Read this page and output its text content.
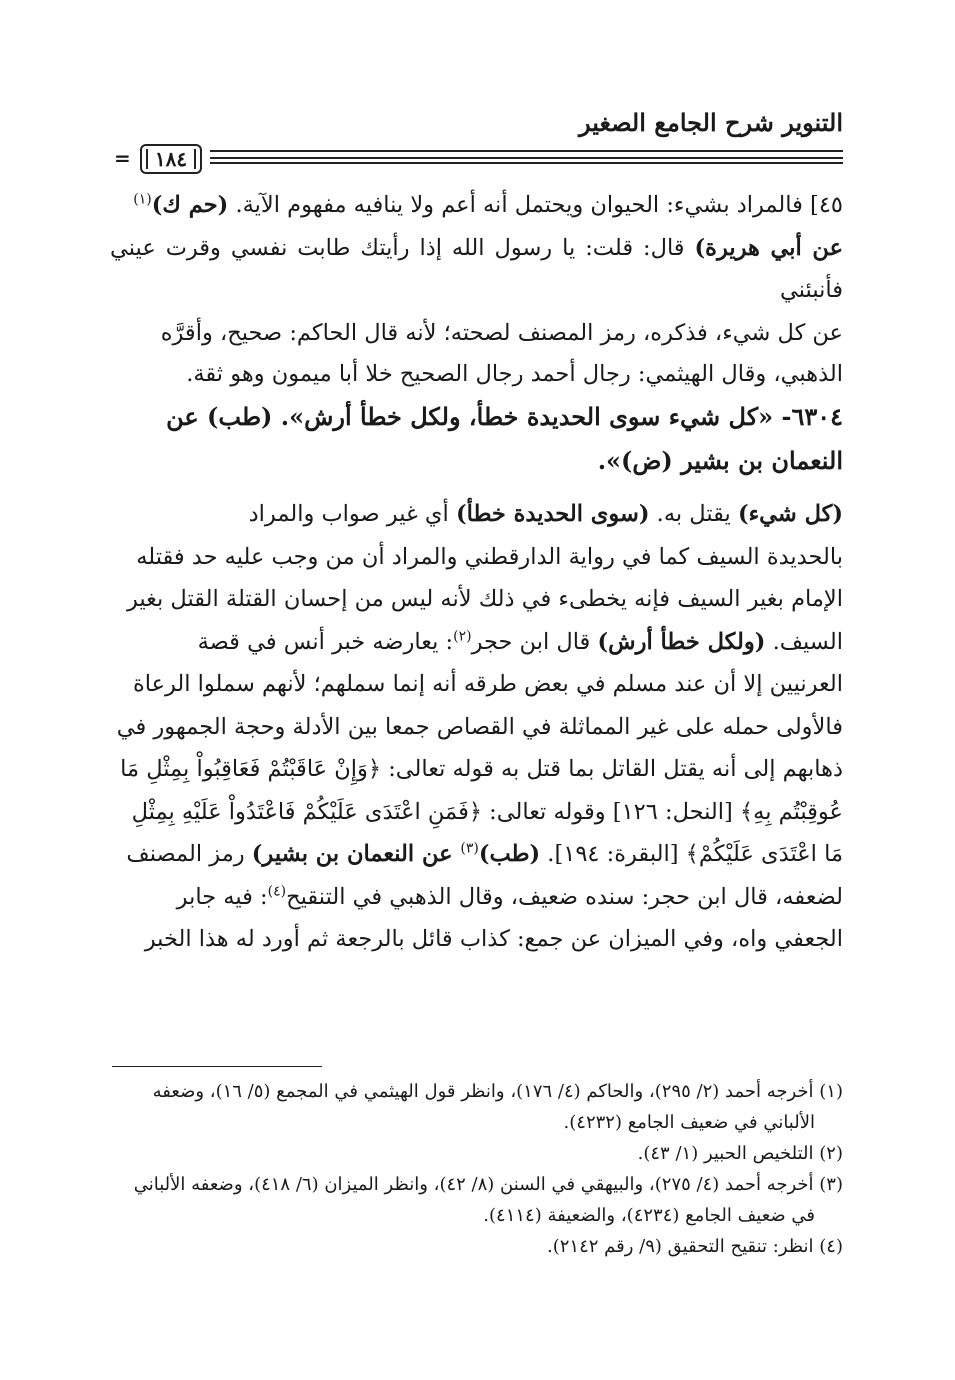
التنوير شرح الجامع الصغير
١٨٤
=

٤٥] فالمراد بشيء: الحيوان ويحتمل أنه أعم ولا ينافيه مفهوم الآية. (حم ك)$^{(١)}$

عن أبي هريرة) قال: قلت: يا رسول الله إذا رأيتك طابت نفسي وقرت عيني فأنبئني

عن كل شيء، فذكره، رمز المصنف لصحته؛ لأنه قال الحاكم: صحيح، وأقرَّه

الذهبي، وقال الهيثمي: رجال أحمد رجال الصحيح خلا أبا ميمون وهو ثقة.

٦٣٠٤- «كل شيء سوى الحديدة خطأ، ولكل خطأ أرش». (طب) عن

النعمان بن بشير (ض)».

(كل شيء) يقتل به. (سوى الحديدة خطأ) أي غير صواب والمراد

بالحديدة السيف كما في رواية الدارقطني والمراد أن من وجب عليه حد فقتله

الإمام بغير السيف فإنه يخطىء في ذلك لأنه ليس من إحسان القتلة القتل بغير

السيف. (ولكل خطأ أرش) قال ابن حجر$^{(٢)}$: يعارضه خبر أنس في قصة

العرنيين إلا أن عند مسلم في بعض طرقه أنه إنما سملهم؛ لأنهم سملوا الرعاة

فالأولى حمله على غير المماثلة في القصاص جمعا بين الأدلة وحجة الجمهور في

ذهابهم إلى أنه يقتل القاتل بما قتل به قوله تعالى: ﴿وَإِنْ عَاقَبْتُمْ فَعَاقِبُواْ بِمِثْلِ مَا

عُوقِبْتُم بِهِ﴾ [النحل: ١٢٦] وقوله تعالى: ﴿فَمَنِ اعْتَدَى عَلَيْكُمْ فَاعْتَدُواْ عَلَيْهِ بِمِثْلِ

مَا اعْتَدَى عَلَيْكُمْ﴾ [البقرة: ١٩٤]. (طب)$^{(٣)}$ عن النعمان بن بشير) رمز المصنف

لضعفه، قال ابن حجر: سنده ضعيف، وقال الذهبي في التنقيح$^{(٤)}$: فيه جابر

الجعفي واه، وفي الميزان عن جمع: كذاب قائل بالرجعة ثم أورد له هذا الخبر

(١) أخرجه أحمد (٢/ ٢٩٥)، والحاكم (٤/ ١٧٦)، وانظر قول الهيثمي في المجمع (٥/ ١٦)، وضعفه

الألباني في ضعيف الجامع (٤٢٣٢).

(٢) التلخيص الحبير (١/ ٤٣).

(٣) أخرجه أحمد (٤/ ٢٧٥)، والبيهقي في السنن (٨/ ٤٢)، وانظر الميزان (٦/ ٤١٨)، وضعفه الألباني

في ضعيف الجامع (٤٢٣٤)، والضعيفة (٤١١٤).

(٤) انظر: تنقيح التحقيق (٩/ رقم ٢١٤٢).
